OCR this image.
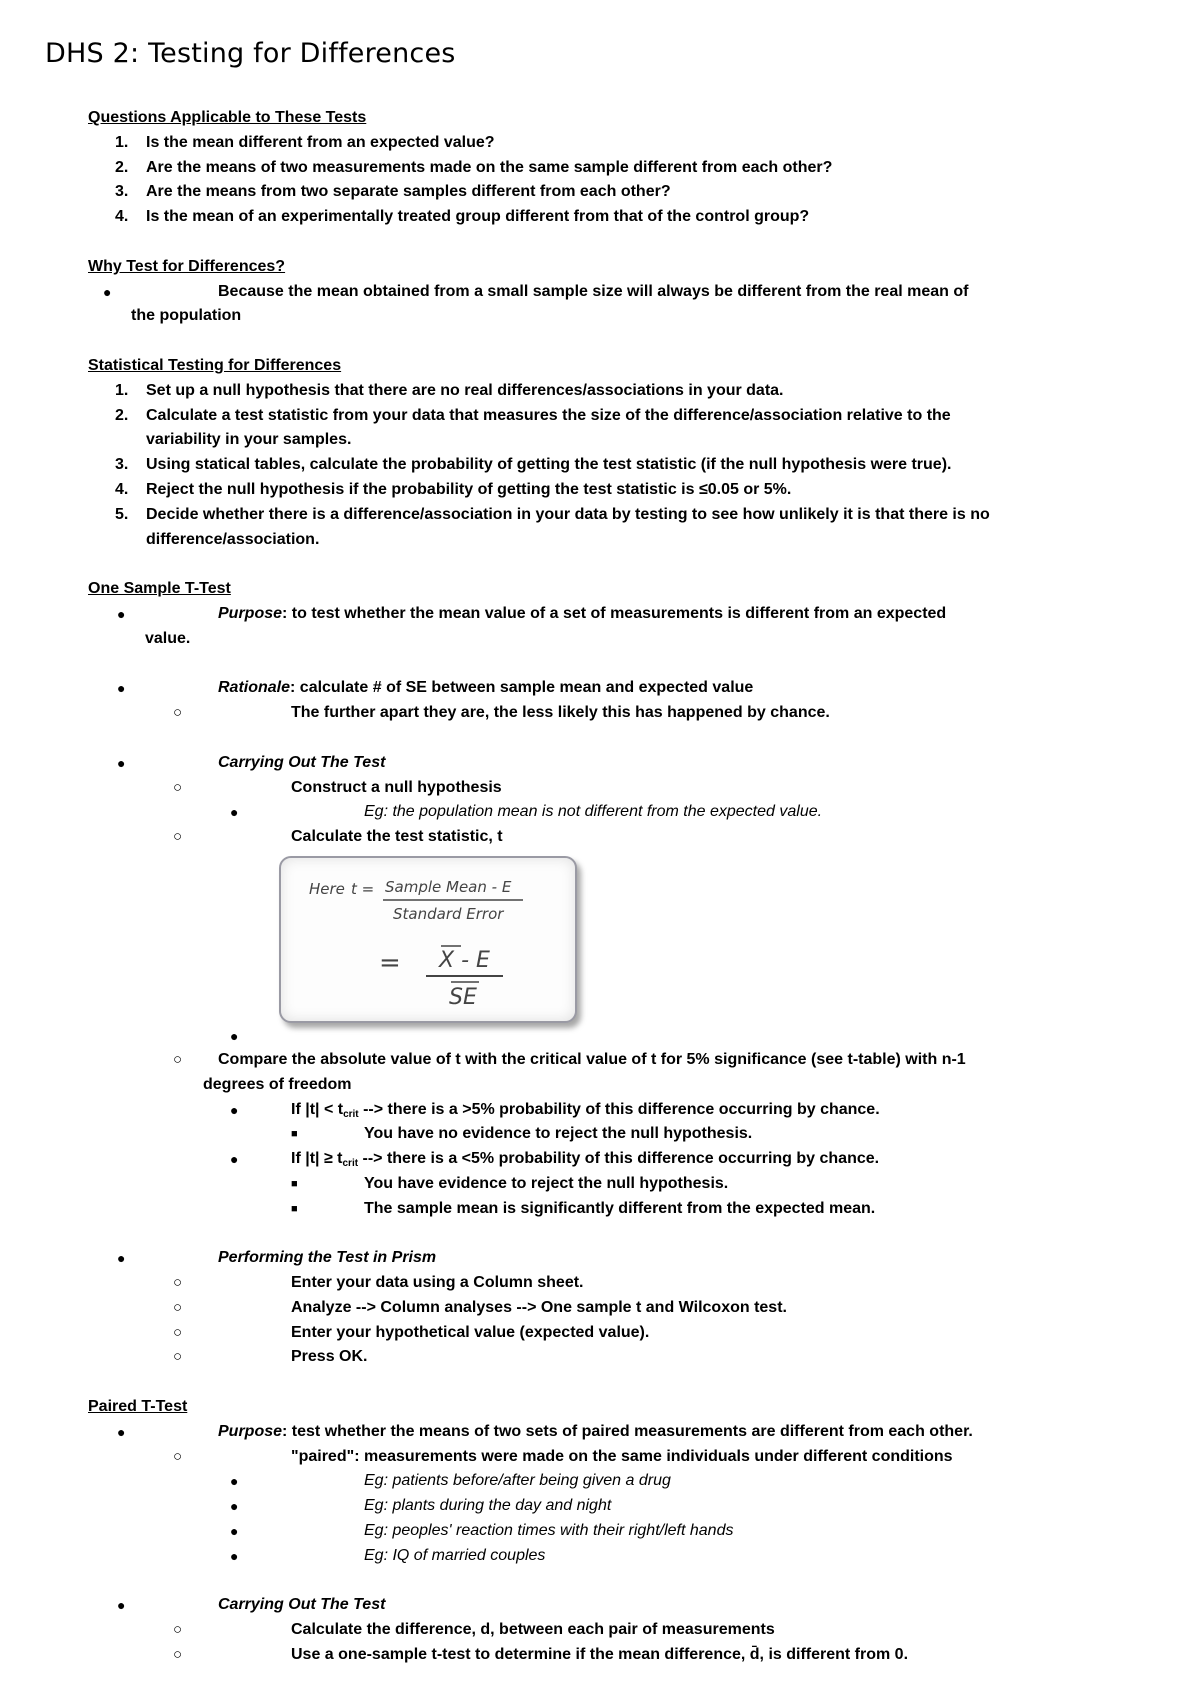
DHS 2: Testing for Differences
Questions Applicable to These Tests
1. Is the mean different from an expected value?
2. Are the means of two measurements made on the same sample different from each other?
3. Are the means from two separate samples different from each other?
4. Is the mean of an experimentally treated group different from that of the control group?
Why Test for Differences?
●	Because the mean obtained from a small sample size will always be different from the real mean of
the population
Statistical Testing for Differences
1. Set up a null hypothesis that there are no real differences/associations in your data.
2. Calculate a test statistic from your data that measures the size of the difference/association relative to the
variability in your samples.
3. Using statical tables, calculate the probability of getting the test statistic (if the null hypothesis were true).
4. Reject the null hypothesis if the probability of getting the test statistic is ≤0.05 or 5%.
5. Decide whether there is a difference/association in your data by testing to see how unlikely it is that there is no
difference/association.
One Sample T-Test
●	Purpose: to test whether the mean value of a set of measurements is different from an expected
value.
●	Rationale: calculate # of SE between sample mean and expected value
○	The further apart they are, the less likely this has happened by chance.
●	Carrying Out The Test
○	Construct a null hypothesis
●	Eg: the population mean is not different from the expected value.
○	Calculate the test statistic, t
●
○ Compare the absolute value of t with the critical value of t for 5% significance (see t-table) with n-1
degrees of freedom
●	If $|t| < t_{crit}$ --> there is a >5% probability of this difference occurring by chance.
■	You have no evidence to reject the null hypothesis.
●	If $|t| \ge t_{crit}$ --> there is a <5% probability of this difference occurring by chance.
■	You have evidence to reject the null hypothesis.
■	The sample mean is significantly different from the expected mean.
●	Performing the Test in Prism
○	Enter your data using a Column sheet.
○	Analyze --> Column analyses --> One sample t and Wilcoxon test.
○	Enter your hypothetical value (expected value).
○	Press OK.
Paired T-Test
●	Purpose: test whether the means of two sets of paired measurements are different from each other.
○	"paired": measurements were made on the same individuals under different conditions
●	Eg: patients before/after being given a drug
●	Eg: plants during the day and night
●	Eg: peoples' reaction times with their right/left hands
●	Eg: IQ of married couples
●	Carrying Out The Test
○	Calculate the difference, d, between each pair of measurements
○	Use a one-sample t-test to determine if the mean difference, d̄, is different from 0.
Here t = Sample Mean - E
Standard Error
= X - E
SE
